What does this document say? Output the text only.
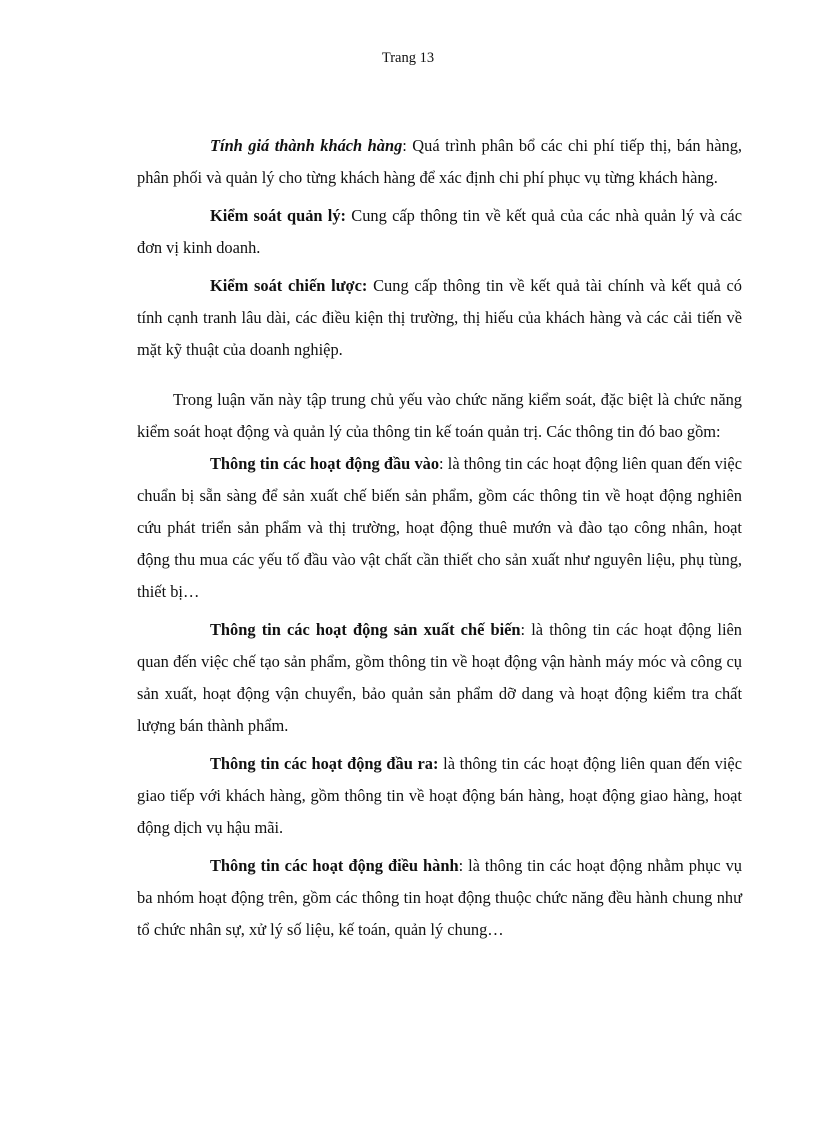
Trang 13

Tính giá thành khách hàng: Quá trình phân bổ các chi phí tiếp thị, bán hàng, phân phối và quản lý cho từng khách hàng để xác định chi phí phục vụ từng khách hàng.

Kiểm soát quản lý: Cung cấp thông tin về kết quả của các nhà quản lý và các đơn vị kinh doanh.

Kiểm soát chiến lược: Cung cấp thông tin về kết quả tài chính và kết quả có tính cạnh tranh lâu dài, các điều kiện thị trường, thị hiếu của khách hàng và các cải tiến về mặt kỹ thuật của doanh nghiệp.

Trong luận văn này tập trung chủ yếu vào chức năng kiểm soát, đặc biệt là chức năng kiểm soát hoạt động và quản lý của thông tin kế toán quản trị. Các thông tin đó bao gồm:

Thông tin các hoạt động đầu vào: là thông tin các hoạt động liên quan đến việc chuẩn bị sẵn sàng để sản xuất chế biến sản phẩm, gồm các thông tin về hoạt động nghiên cứu phát triển sản phẩm và thị trường, hoạt động thuê mướn và đào tạo công nhân, hoạt động thu mua các yếu tố đầu vào vật chất cần thiết cho sản xuất như nguyên liệu, phụ tùng, thiết bị…

Thông tin các hoạt động sản xuất chế biến: là thông tin các hoạt động liên quan đến việc chế tạo sản phẩm, gồm thông tin về hoạt động vận hành máy móc và công cụ sản xuất, hoạt động vận chuyển, bảo quản sản phẩm dỡ dang và hoạt động kiểm tra chất lượng bán thành phẩm.

Thông tin các hoạt động đầu ra: là thông tin các hoạt động liên quan đến việc giao tiếp với khách hàng, gồm thông tin về hoạt động bán hàng, hoạt động giao hàng, hoạt động dịch vụ hậu mãi.

Thông tin các hoạt động điều hành: là thông tin các hoạt động nhằm phục vụ ba nhóm hoạt động trên, gồm các thông tin hoạt động thuộc chức năng đều hành chung như tổ chức nhân sự, xử lý số liệu, kế toán, quản lý chung…
